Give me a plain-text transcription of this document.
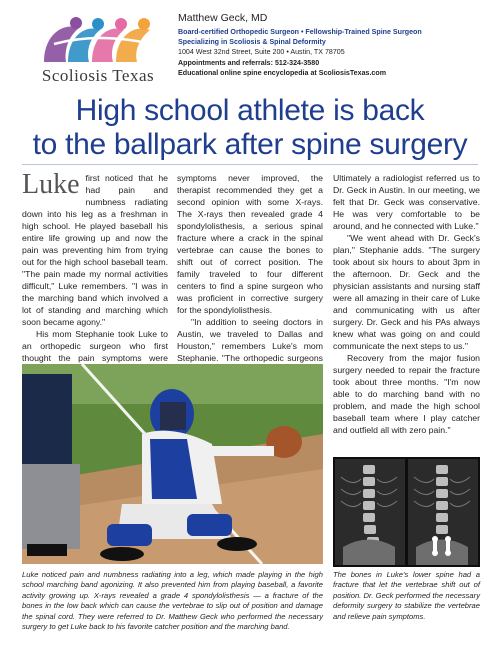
Scoliosis Texas
Matthew Geck, MD
Board-certified Orthopedic Surgeon • Fellowship-Trained Spine Surgeon
Specializing in Scoliosis & Spinal Deformity
1004 West 32nd Street, Suite 200 • Austin, TX 78705
Appointments and referrals: 512-324-3580
Educational online spine encyclopedia at ScoliosisTexas.com
High school athlete is back
to the ballpark after spine surgery

Luke first noticed that he had pain and numbness radiating down into his leg as a freshman in high school. He played baseball his entire life growing up and now the pain was preventing him from trying out for the high school baseball team. "The pain made my normal activities difficult," Luke remembers. "I was in the marching band which involved a lot of standing and marching which soon became agony."

His mom Stephanie took Luke to an orthopedic surgeon who first thought the pain symptoms were

symptoms never improved, the therapist recommended they get a second opinion with some X-rays. The X-rays then revealed grade 4 spondylolisthesis, a serious spinal fracture where a crack in the spinal vertebrae can cause the bones to shift out of correct position. The family traveled to four different centers to find a spine surgeon who was proficient in corrective surgery for the spondylolisthesis.

"In addition to seeing doctors in Austin, we traveled to Dallas and Houston," remembers Luke's mom Stephanie. "The orthopedic surgeons

Ultimately a radiologist referred us to Dr. Geck in Austin. In our meeting, we felt that Dr. Geck was conservative. He was very comfortable to be around, and he connected with Luke."

"We went ahead with Dr. Geck's plan," Stephanie adds. "The surgery took about six hours to about 3pm in the afternoon. Dr. Geck and the physician assistants and nursing staff were all amazing in their care of Luke and communicating with us after surgery. Dr. Geck and his PAs always knew what was going on and could communicate the next steps to us."

Recovery from the major fusion surgery needed to repair the fracture took about three months. "I'm now able to do marching band with no problem, and made the high school baseball team where I play catcher and outfield all with zero pain."

Luke noticed pain and numbness radiating into a leg, which made playing in the high school marching band agonizing. It also prevented him from playing baseball, a favorite activity growing up. X-rays revealed a grade 4 spondylolisthesis — a fracture of the bones in the low back which can cause the vertebrae to slip out of position and damage the spinal cord. They were referred to Dr. Matthew Geck who performed the necessary surgery to get Luke back to his favorite catcher position and the marching band.
The bones in Luke's lower spine had a fracture that let the vertebrae shift out of position. Dr. Geck performed the necessary deformity surgery to stabilize the vertebrae and relieve pain symptoms.
